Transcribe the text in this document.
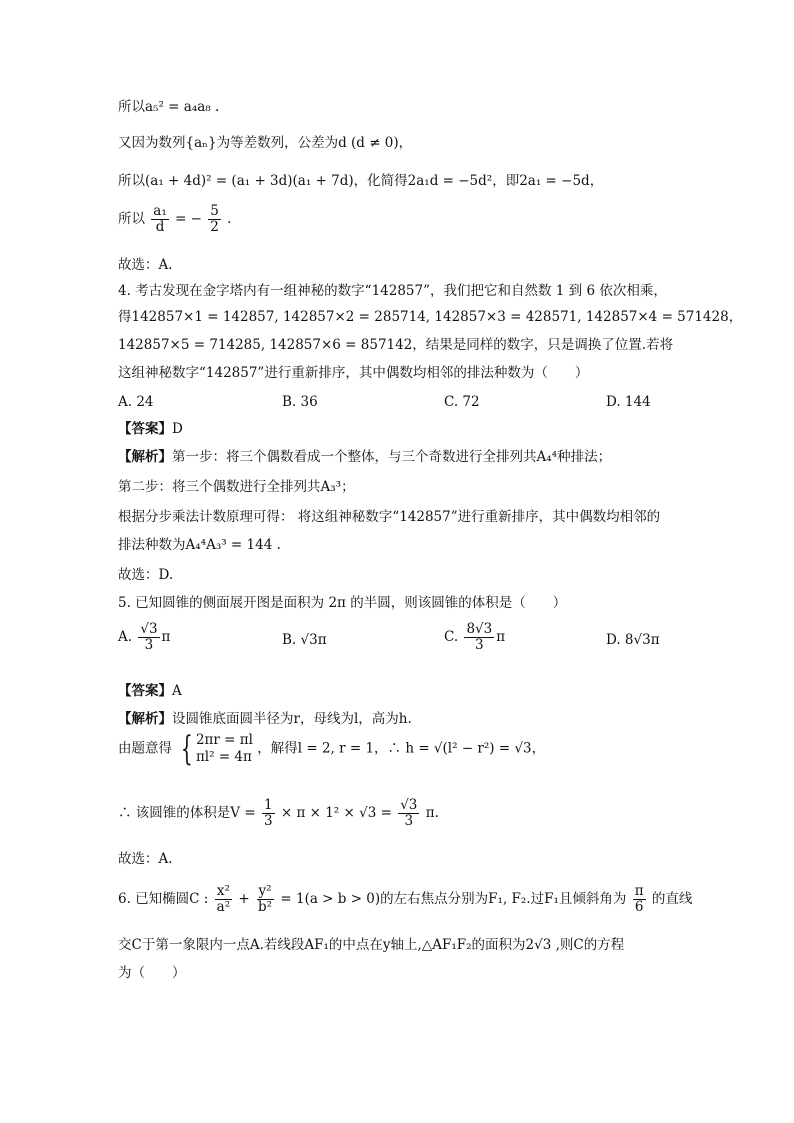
所以a₅² = a₄a₈ .
又因为数列{aₙ}为等差数列，公差为d (d ≠ 0)，
所以(a₁ + 4d)² = (a₁ + 3d)(a₁ + 7d)，化简得2a₁d = −5d²，即2a₁ = −5d，
所以 $\frac{\text{a₁}}{d}$ = − $\frac{5}{2}$ .
故选：A.
4. 考古发现在金字塔内有一组神秘的数字“142857”，我们把它和自然数 1 到 6 依次相乘，
得142857×1 = 142857, 142857×2 = 285714, 142857×3 = 428571, 142857×4 = 571428，
142857×5 = 714285, 142857×6 = 857142，结果是同样的数字，只是调换了位置.若将
这组神秘数字“142857”进行重新排序，其中偶数均相邻的排法种数为（　　）
A. 24	B. 36	C. 72	D. 144
【答案】D
【解析】第一步：将三个偶数看成一个整体，与三个奇数进行全排列共A₄⁴种排法；
第二步：将三个偶数进行全排列共A₃³；
根据分步乘法计数原理可得： 将这组神秘数字“142857”进行重新排序，其中偶数均相邻的
排法种数为A₄⁴A₃³ = 144 .
故选：D.
5. 已知圆锥的侧面展开图是面积为 2π 的半圆，则该圆锥的体积是（　　）
A. $\frac{√3}{3}$ π	B. √3π	C. $\frac{8√3}{3}$ π	D. 8√3π
【答案】A
【解析】设圆锥底面圆半径为r，母线为l，高为h.
由题意得 { 2πr = πl
πl² = 4π
，解得l = 2, r = 1，∴ h = √(l² − r²) = √3，
∴ 该圆锥的体积是$V = \frac{1}{3} \times \pi \times 1^2 \times √3 = \frac{√3}{3} \pi$.
故选：A.
6. 已知椭圆C : $\frac{\text{x²}}{\text{a²}} + \frac{\text{y²}}{\text{b²}} = 1(a > b > 0)$的左右焦点分别为F₁, F₂.过F₁且倾斜角为 $\frac{\pi}{6}$ 的直线
交C于第一象限内一点A.若线段AF₁的中点在y轴上,△AF₁F₂的面积为2√3 ,则C的方程
为（　　）
